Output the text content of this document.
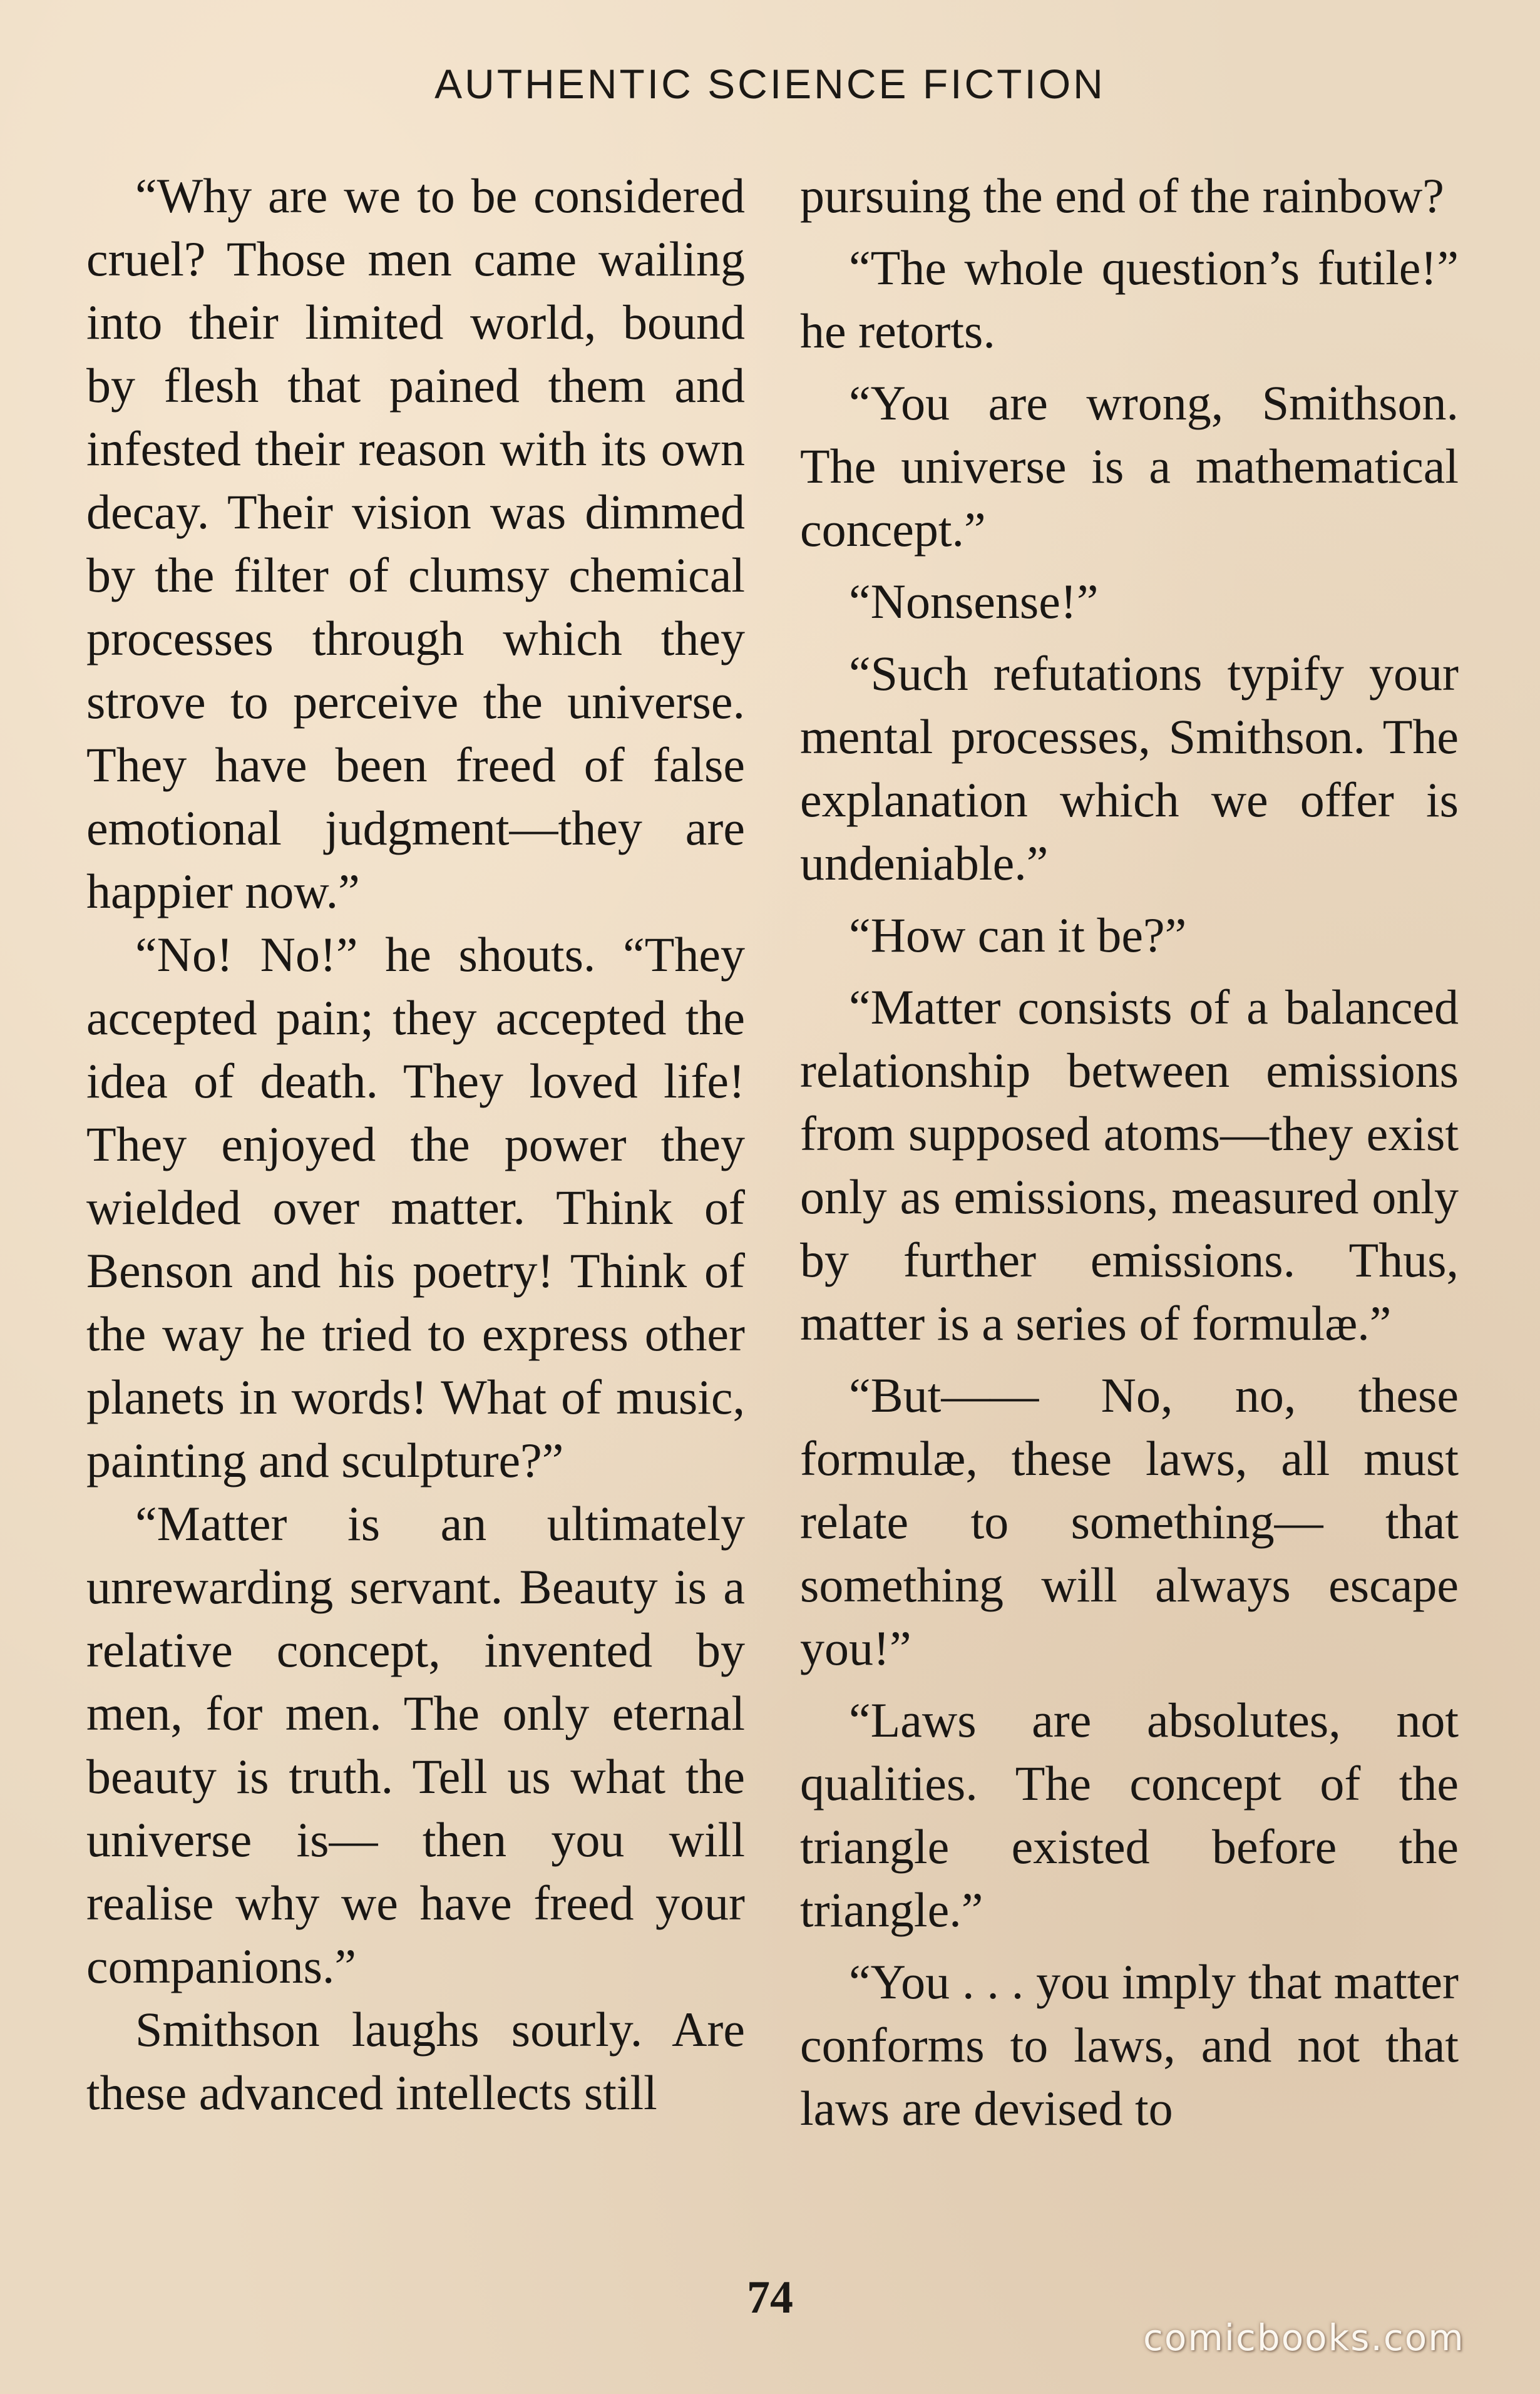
AUTHENTIC SCIENCE FICTION

“Why are we to be considered cruel? Those men came wailing into their limited world, bound by flesh that pained them and infested their reason with its own decay. Their vision was dimmed by the filter of clumsy chemical processes through which they strove to perceive the universe. They have been freed of false emotional judgment—they are happier now.”

“No! No!” he shouts. “They accepted pain; they accepted the idea of death. They loved life! They enjoyed the power they wielded over matter. Think of Benson and his poetry! Think of the way he tried to express other planets in words! What of music, painting and sculpture?”

“Matter is an ultimately unrewarding servant. Beauty is a relative concept, invented by men, for men. The only eternal beauty is truth. Tell us what the universe is— then you will realise why we have freed your companions.”

Smithson laughs sourly. Are these advanced intellects still

pursuing the end of the rainbow?

“The whole question’s futile!” he retorts.

“You are wrong, Smithson. The universe is a mathematical concept.”

“Nonsense!”

“Such refutations typify your mental processes, Smithson. The explanation which we offer is undeniable.”

“How can it be?”

“Matter consists of a balanced relationship between emissions from supposed atoms—they exist only as emissions, measured only by further emissions. Thus, matter is a series of formulæ.”

“But—— No, no, these formulæ, these laws, all must relate to something— that something will always escape you!”

“Laws are absolutes, not qualities. The concept of the triangle existed before the triangle.”

“You . . . you imply that matter conforms to laws, and not that laws are devised to

74
comicbooks.com
